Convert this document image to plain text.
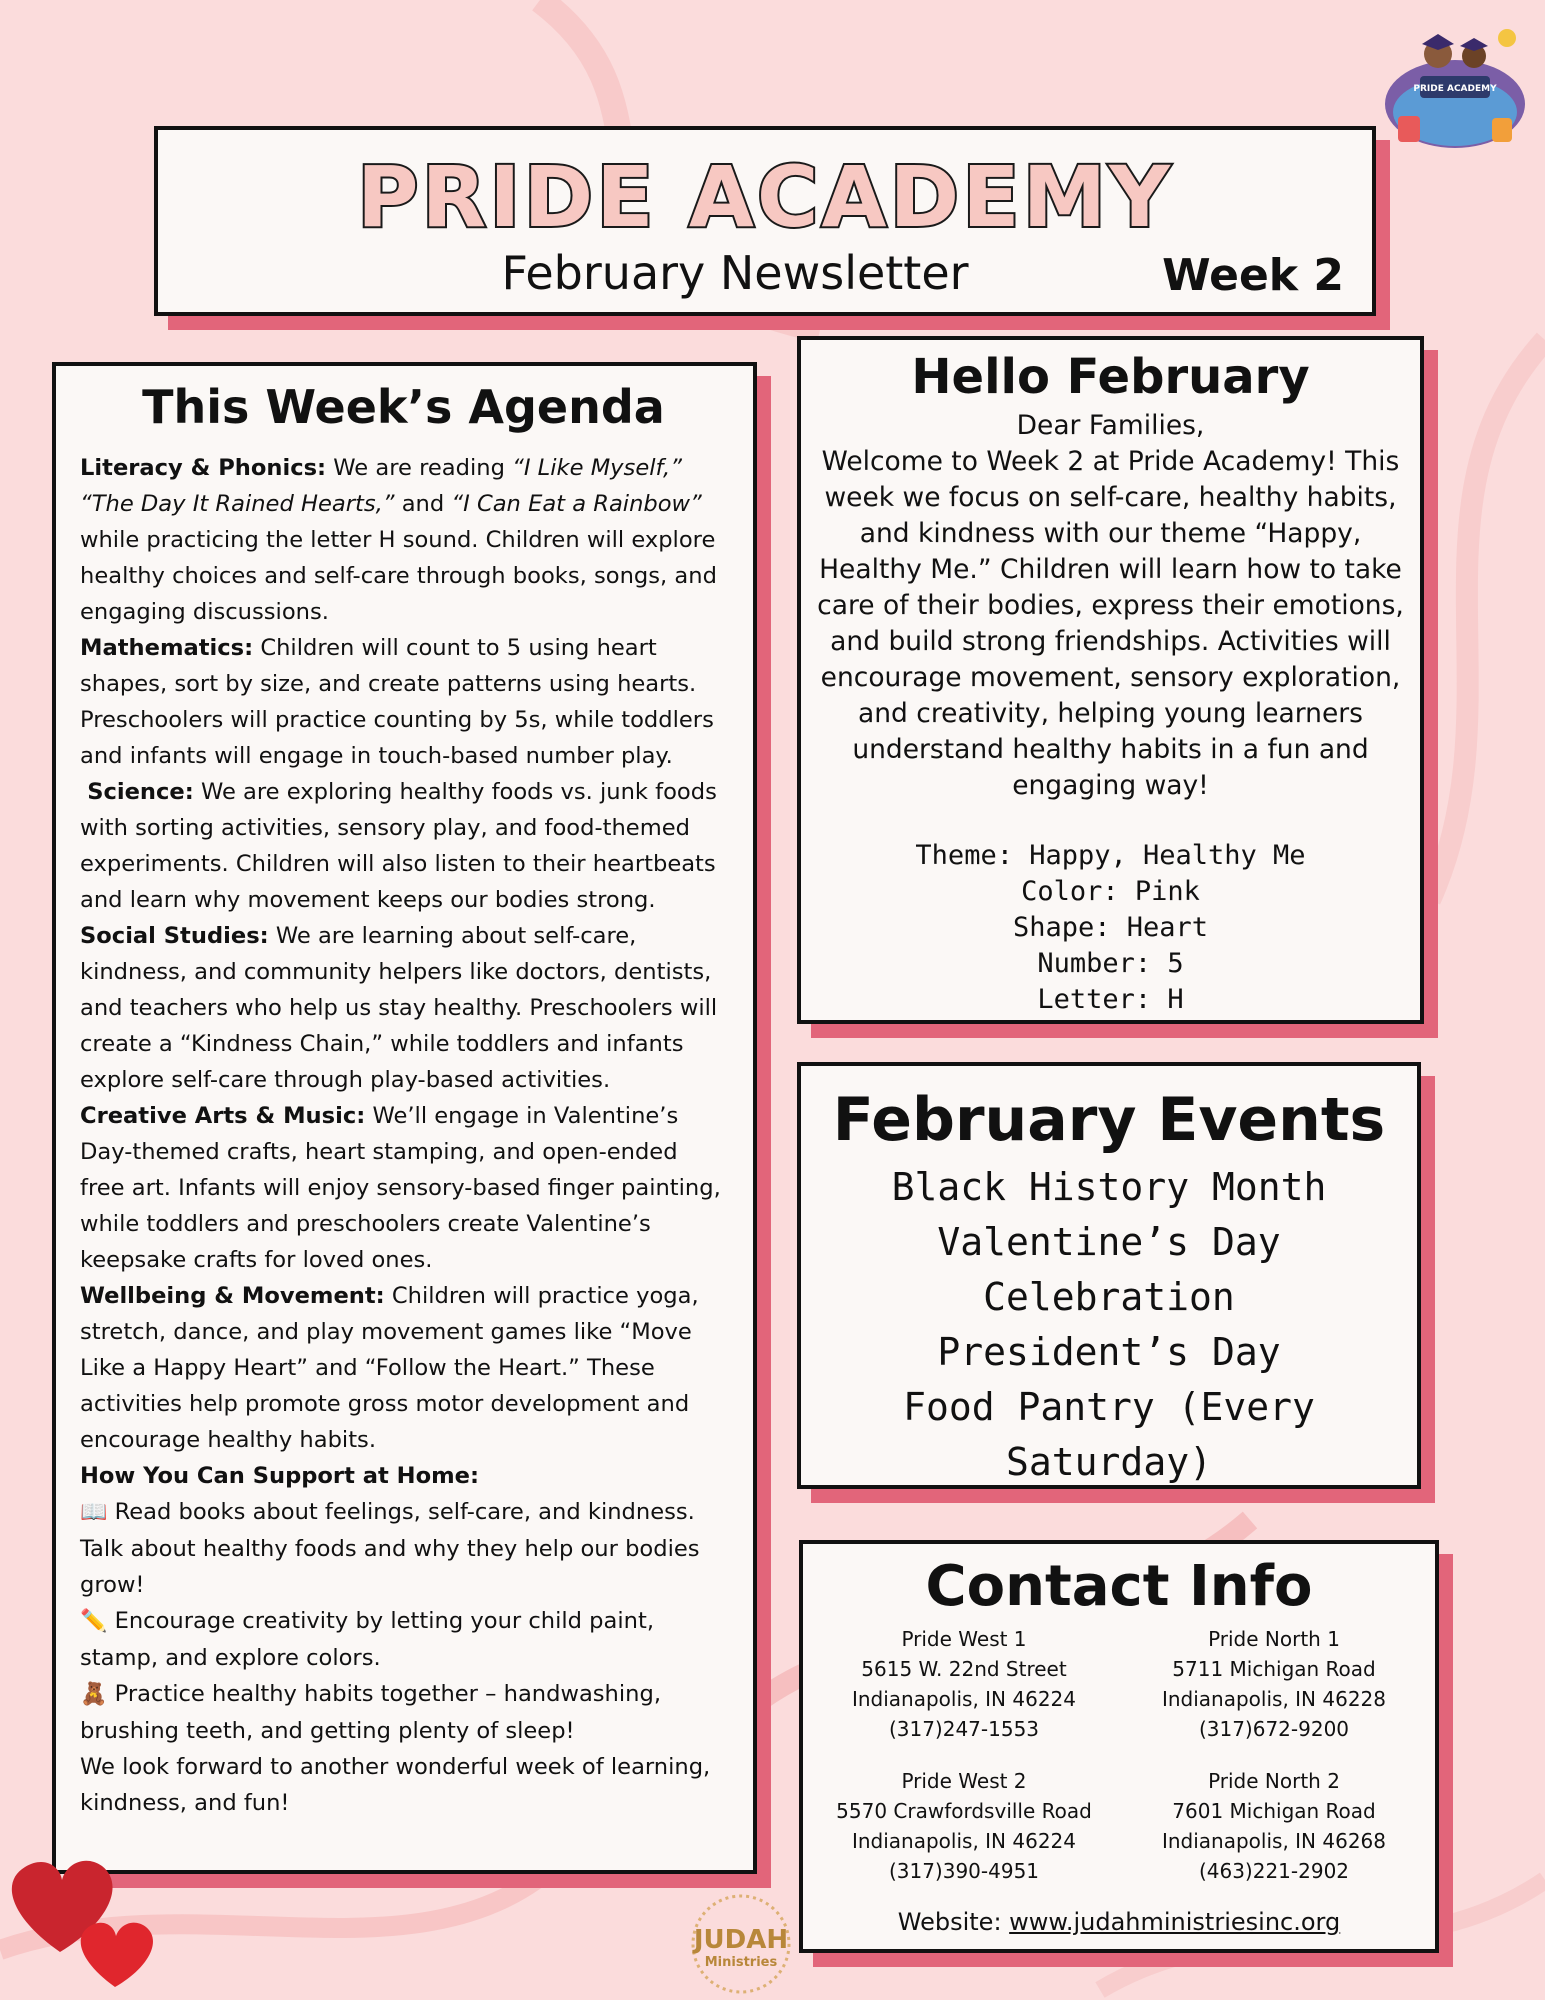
PRIDE ACADEMY
PRIDE ACADEMY
February Newsletter	Week 2
This Week’s Agenda

Literacy & Phonics: We are reading “I Like Myself,” “The Day It Rained Hearts,” and “I Can Eat a Rainbow” while practicing the letter H sound. Children will explore healthy choices and self-care through books, songs, and engaging discussions.

Mathematics: Children will count to 5 using heart shapes, sort by size, and create patterns using hearts. Preschoolers will practice counting by 5s, while toddlers and infants will engage in touch-based number play.

Science: We are exploring healthy foods vs. junk foods with sorting activities, sensory play, and food-themed experiments. Children will also listen to their heartbeats and learn why movement keeps our bodies strong.

Social Studies: We are learning about self-care, kindness, and community helpers like doctors, dentists, and teachers who help us stay healthy. Preschoolers will create a “Kindness Chain,” while toddlers and infants explore self-care through play-based activities.

Creative Arts & Music: We’ll engage in Valentine’s Day-themed crafts, heart stamping, and open-ended free art. Infants will enjoy sensory-based finger painting, while toddlers and preschoolers create Valentine’s keepsake crafts for loved ones.

Wellbeing & Movement: Children will practice yoga, stretch, dance, and play movement games like “Move Like a Happy Heart” and “Follow the Heart.” These activities help promote gross motor development and encourage healthy habits.

How You Can Support at Home:

📖 Read books about feelings, self-care, and kindness. Talk about healthy foods and why they help our bodies grow!

✏️ Encourage creativity by letting your child paint, stamp, and explore colors.

🧸 Practice healthy habits together – handwashing, brushing teeth, and getting plenty of sleep!

We look forward to another wonderful week of learning, kindness, and fun!

Hello February
Dear Families,
Welcome to Week 2 at Pride Academy! This week we focus on self-care, healthy habits, and kindness with our theme “Happy, Healthy Me.” Children will learn how to take care of their bodies, express their emotions, and build strong friendships. Activities will encourage movement, sensory exploration, and creativity, helping young learners understand healthy habits in a fun and engaging way!
Theme: Happy, Healthy Me
Color: Pink
Shape: Heart
Number: 5
Letter: H
February Events
Black History Month
Valentine’s Day Celebration
President’s Day
Food Pantry (Every Saturday)
Contact Info
Pride West 1
5615 W. 22nd Street
Indianapolis, IN 46224
(317)247-1553
Pride North 1
5711 Michigan Road
Indianapolis, IN 46228
(317)672-9200
Pride West 2
5570 Crawfordsville Road
Indianapolis, IN 46224
(317)390-4951
Pride North 2
7601 Michigan Road
Indianapolis, IN 46268
(463)221-2902
Website: www.judahministriesinc.org
JUDAH
Ministries
